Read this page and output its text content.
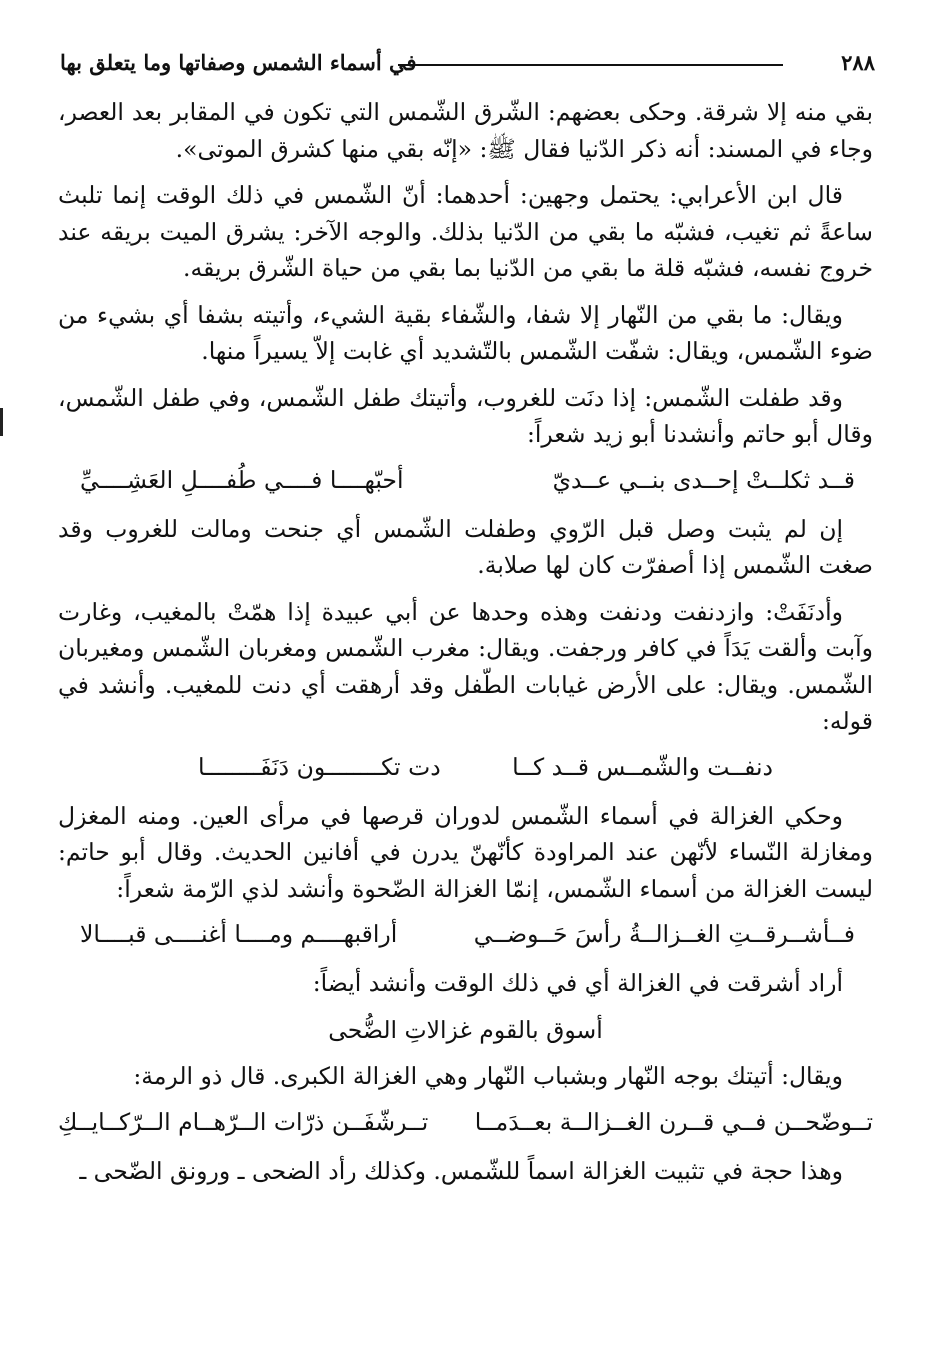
٢٨٨
في أسماء الشمس وصفاتها وما يتعلق بها

بقي منه إلا شرقة. وحكى بعضهم: الشّرق الشّمس التي تكون في المقابر بعد العصر، وجاء في المسند: أنه ذكر الدّنيا فقال ﷺ: «إنّه بقي منها كشرق الموتى».

قال ابن الأعرابي: يحتمل وجهين: أحدهما: أنّ الشّمس في ذلك الوقت إنما تلبث ساعةً ثم تغيب، فشبّه ما بقي من الدّنيا بذلك. والوجه الآخر: يشرق الميت بريقه عند خروج نفسه، فشبّه قلة ما بقي من الدّنيا بما بقي من حياة الشّرق بريقه.

ويقال: ما بقي من النّهار إلا شفا، والشّفاء بقية الشيء، وأتيته بشفا أي بشيء من ضوء الشّمس، ويقال: شفّت الشّمس بالتّشديد أي غابت إلاّ يسيراً منها.

وقد طفلت الشّمس: إذا دنَت للغروب، وأتيتك طفل الشّمس، وفي طفل الشّمس، وقال أبو حاتم وأنشدنا أبو زيد شعراً:

قــد ثكلــتْ إحــدى بنــي عــديّ
أحبّهــــا فــــي طُفــــلِ العَشِــــيِّ

إن لم يثبت وصل قبل الرّوي وطفلت الشّمس أي جنحت ومالت للغروب وقد صغت الشّمس إذا أصفرّت كان لها صلابة.

وأدنَفَتْ: وازدنفت ودنفت وهذه وحدها عن أبي عبيدة إذا همّتْ بالمغيب، وغارت وآبت وألقت يَدَاً في كافر ورجفت. ويقال: مغرب الشّمس ومغربان الشّمس ومغيربان الشّمس. ويقال: على الأرض غيابات الطّفل وقد أرهقت أي دنت للمغيب. وأنشد في قوله:

دنفــت والشّمــس قــد كــا
دت تكــــــــون دَنَفَــــــــا

وحكي الغزالة في أسماء الشّمس لدوران قرصها في مرأى العين. ومنه المغزل ومغازلة النّساء لأنّهن عند المراودة كأنّهنّ يدرن في أفانين الحديث. وقال أبو حاتم: ليست الغزالة من أسماء الشّمس، إنمّا الغزالة الضّحوة وأنشد لذي الرّمة شعراً:

فــأشــرقــتِ الغــزالــةُ رأسَ حَــوضــي
أراقبهــــم ومــــا أغنــــى قبــــالا

أراد أشرقت في الغزالة أي في ذلك الوقت وأنشد أيضاً:

أسوق بالقوم غزالاتِ الضُّحى

ويقال: أتيتك بوجه النّهار وبشباب النّهار وهي الغزالة الكبرى. قال ذو الرمة:

تــوضّحــن فــي قــرن الغــزالــة بعــدَمــا
تــرشّفَــن ذرّات الــرّهــام الــرّكــايــكِ

وهذا حجة في تثبيت الغزالة اسماً للشّمس. وكذلك رأد الضحى ـ ورونق الضّحى ـ
